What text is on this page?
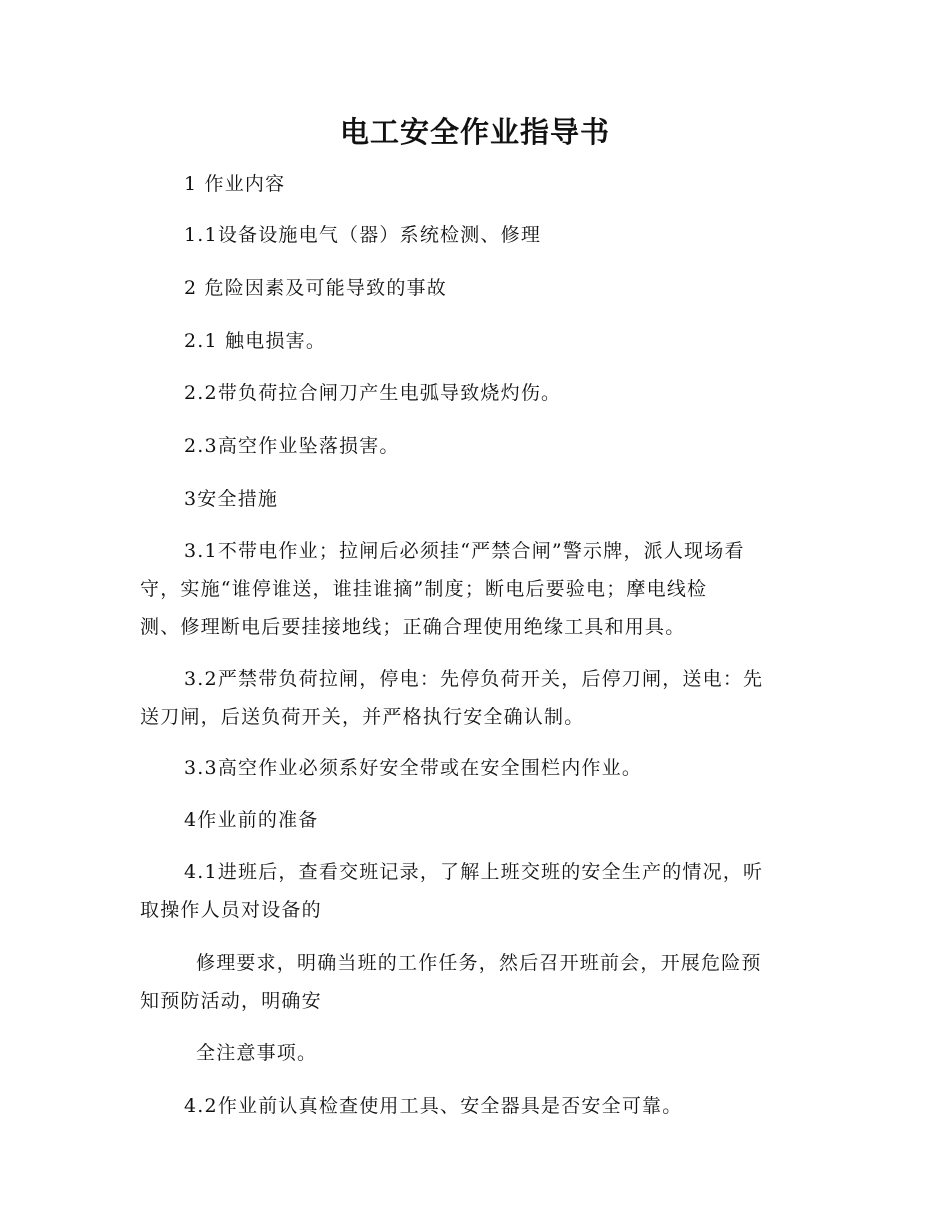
电工安全作业指导书
1 作业内容
1.1设备设施电气（器）系统检测、修理
2 危险因素及可能导致的事故
2.1 触电损害。
2.2带负荷拉合闸刀产生电弧导致烧灼伤。
2.3高空作业坠落损害。
3安全措施
3.1不带电作业；拉闸后必须挂“严禁合闸”警示牌，派人现场看
守，实施“谁停谁送，谁挂谁摘”制度；断电后要验电；摩电线检
测、修理断电后要挂接地线；正确合理使用绝缘工具和用具。
3.2严禁带负荷拉闸，停电：先停负荷开关，后停刀闸，送电：先
送刀闸，后送负荷开关，并严格执行安全确认制。
3.3高空作业必须系好安全带或在安全围栏内作业。
4作业前的准备
4.1进班后，查看交班记录，了解上班交班的安全生产的情况，听
取操作人员对设备的
修理要求，明确当班的工作任务，然后召开班前会，开展危险预
知预防活动，明确安
全注意事项。
4.2作业前认真检查使用工具、安全器具是否安全可靠。
